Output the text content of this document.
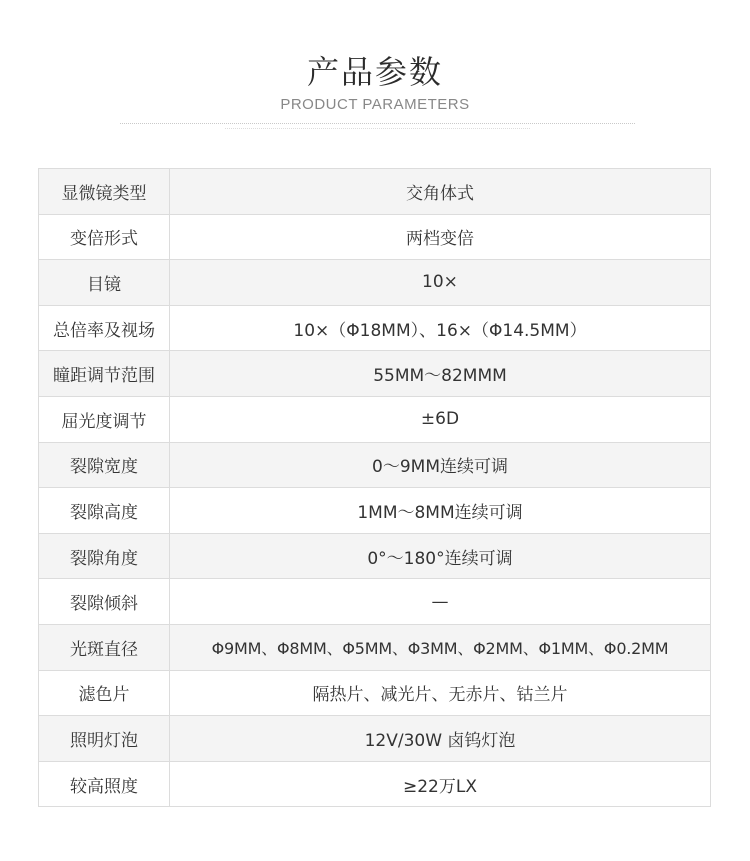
产品参数
PRODUCT PARAMETERS
显微镜类型	交角体式
变倍形式	两档变倍
目镜	10×
总倍率及视场	10×（Φ18MM）、16×（Φ14.5MM）
瞳距调节范围	55MM～82MMM
屈光度调节	±6D
裂隙宽度	0～9MM连续可调
裂隙高度	1MM～8MM连续可调
裂隙角度	0°～180°连续可调
裂隙倾斜	—
光斑直径	Φ9MM、Φ8MM、Φ5MM、Φ3MM、Φ2MM、Φ1MM、Φ0.2MM
滤色片	隔热片、减光片、无赤片、钴兰片
照明灯泡	12V/30W 卤钨灯泡
较高照度	≥22万LX
